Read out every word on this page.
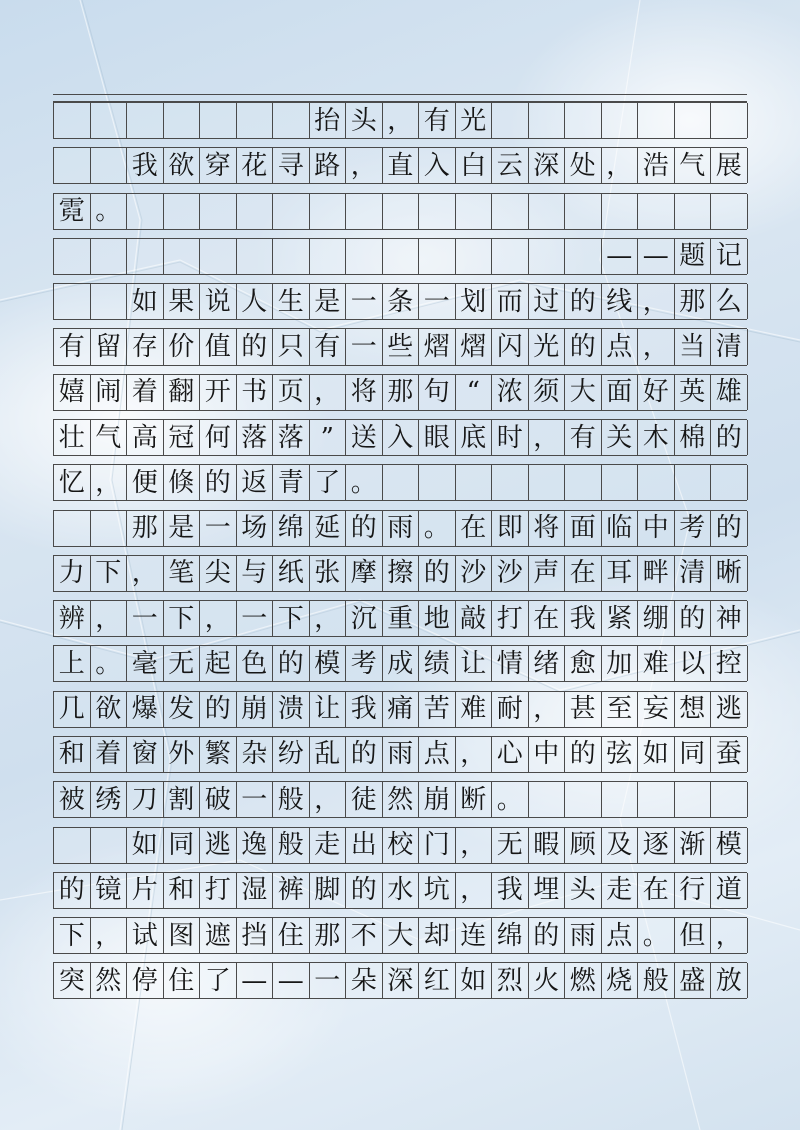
抬 头 ， 有 光
我 欲 穿 花 寻 路 ， 直 入 白 云 深 处 ， 浩 气 展
霓 。
— — 题 记
如 果 说 人 生 是 一 条 一 划 而 过 的 线 ， 那 么
有 留 存 价 值 的 只 有 一 些 熠 熠 闪 光 的 点 ， 当 清
嬉 闹 着 翻 开 书 页 ， 将 那 句 “ 浓 须 大 面 好 英 雄
壮 气 高 冠 何 落 落 ” 送 入 眼 底 时 ， 有 关 木 棉 的
忆 ， 便 倏 的 返 青 了 。
那 是 一 场 绵 延 的 雨 。 在 即 将 面 临 中 考 的
力 下 ， 笔 尖 与 纸 张 摩 擦 的 沙 沙 声 在 耳 畔 清 晰
辨 ， 一 下 ， 一 下 ， 沉 重 地 敲 打 在 我 紧 绷 的 神
上 。 毫 无 起 色 的 模 考 成 绩 让 情 绪 愈 加 难 以 控
几 欲 爆 发 的 崩 溃 让 我 痛 苦 难 耐 ， 甚 至 妄 想 逃
和 着 窗 外 繁 杂 纷 乱 的 雨 点 ， 心 中 的 弦 如 同 蚕
被 绣 刀 割 破 一 般 ， 徒 然 崩 断 。
如 同 逃 逸 般 走 出 校 门 ， 无 暇 顾 及 逐 渐 模
的 镜 片 和 打 湿 裤 脚 的 水 坑 ， 我 埋 头 走 在 行 道
下 ， 试 图 遮 挡 住 那 不 大 却 连 绵 的 雨 点 。 但 ，
突 然 停 住 了 — — 一 朵 深 红 如 烈 火 燃 烧 般 盛 放
